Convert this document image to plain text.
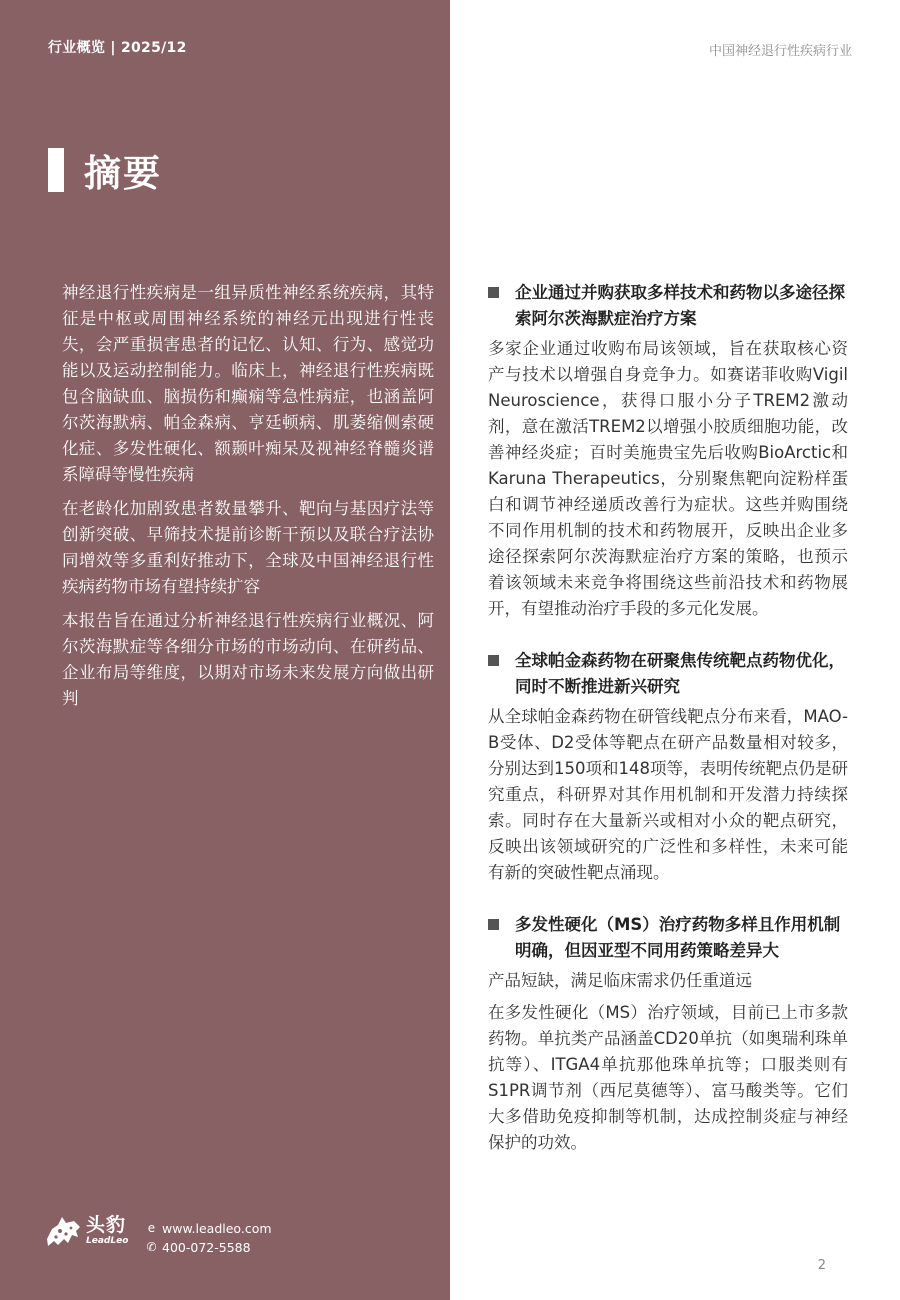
行业概览 | 2025/12	中国神经退行性疾病行业
摘要

神经退行性疾病是一组异质性神经系统疾病，其特征是中枢或周围神经系统的神经元出现进行性丧失，会严重损害患者的记忆、认知、行为、感觉功能以及运动控制能力。临床上，神经退行性疾病既包含脑缺血、脑损伤和癫痫等急性病症，也涵盖阿尔茨海默病、帕金森病、亨廷顿病、肌萎缩侧索硬化症、多发性硬化、额颞叶痴呆及视神经脊髓炎谱系障碍等慢性疾病

在老龄化加剧致患者数量攀升、靶向与基因疗法等创新突破、早筛技术提前诊断干预以及联合疗法协同增效等多重利好推动下，全球及中国神经退行性疾病药物市场有望持续扩容

本报告旨在通过分析神经退行性疾病行业概况、阿尔茨海默症等各细分市场的市场动向、在研药品、企业布局等维度，以期对市场未来发展方向做出研判

企业通过并购获取多样技术和药物以多途径探索阿尔茨海默症治疗方案

多家企业通过收购布局该领域，旨在获取核心资产与技术以增强自身竞争力。如赛诺菲收购Vigil Neuroscience，获得口服小分子TREM2激动剂，意在激活TREM2以增强小胶质细胞功能，改善神经炎症；百时美施贵宝先后收购BioArctic和Karuna Therapeutics，分别聚焦靶向淀粉样蛋白和调节神经递质改善行为症状。这些并购围绕不同作用机制的技术和药物展开，反映出企业多途径探索阿尔茨海默症治疗方案的策略，也预示着该领域未来竞争将围绕这些前沿技术和药物展开，有望推动治疗手段的多元化发展。

全球帕金森药物在研聚焦传统靶点药物优化，同时不断推进新兴研究

从全球帕金森药物在研管线靶点分布来看，MAO-B受体、D2受体等靶点在研产品数量相对较多，分别达到150项和148项等，表明传统靶点仍是研究重点，科研界对其作用机制和开发潜力持续探索。同时存在大量新兴或相对小众的靶点研究，反映出该领域研究的广泛性和多样性，未来可能有新的突破性靶点涌现。

多发性硬化（MS）治疗药物多样且作用机制明确，但因亚型不同用药策略差异大

产品短缺，满足临床需求仍任重道远

在多发性硬化（MS）治疗领域，目前已上市多款药物。单抗类产品涵盖CD20单抗（如奥瑞利珠单抗等）、ITGA4单抗那他珠单抗等；口服类则有S1PR调节剂（西尼莫德等）、富马酸类等。它们大多借助免疫抑制等机制，达成控制炎症与神经保护的功效。

头豹
LeadLeo
e www.leadleo.com
✆ 400-072-5588
2
